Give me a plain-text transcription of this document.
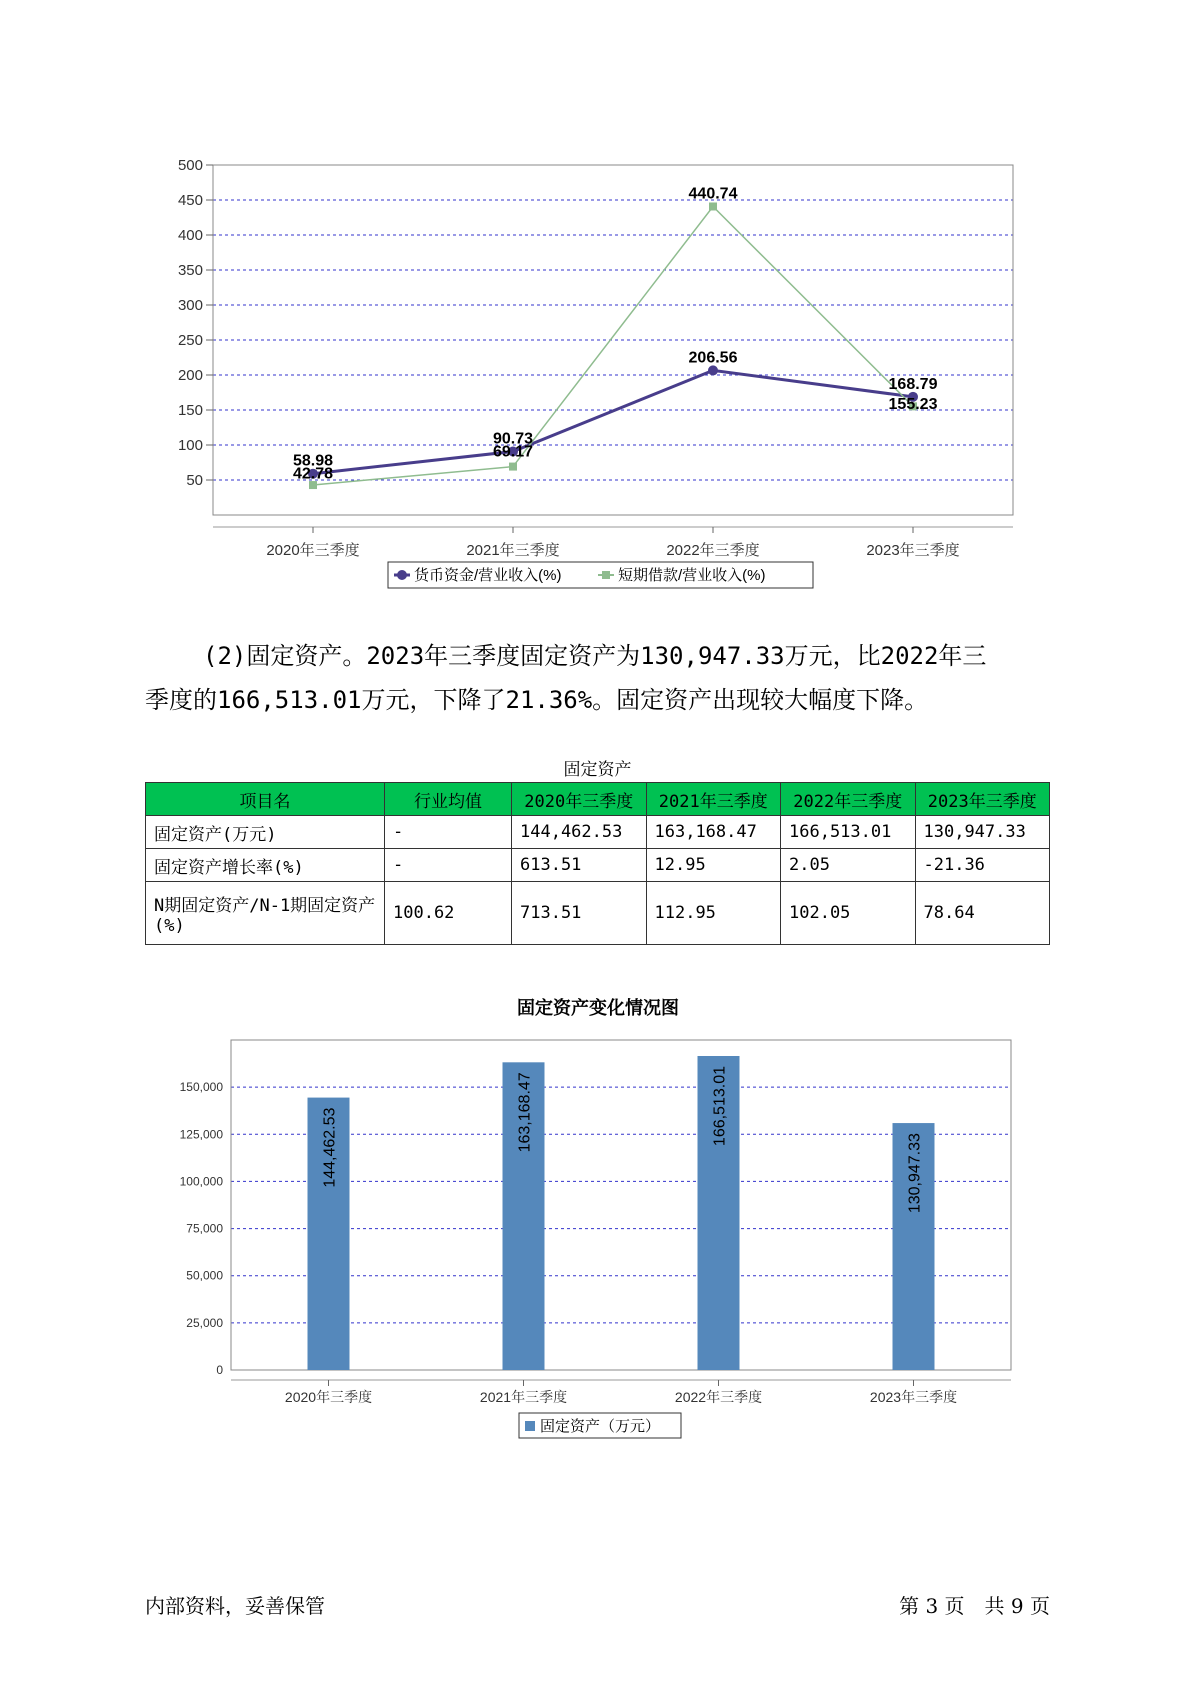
50
100
150
200
250
300
350
400
450
500
2020年三季度	2021年三季度	2022年三季度	2023年三季度
58.98
90.73
206.56
168.79
42.78
69.17
440.74
155.23
货币资金/营业收入(%)	短期借款/营业收入(%)

(2)固定资产。2023年三季度固定资产为130,947.33万元，比2022年三

季度的166,513.01万元，下降了21.36%。固定资产出现较大幅度下降。
固定资产
项目名	行业均值	2020年三季度	2021年三季度	2022年三季度	2023年三季度
固定资产(万元)	-	144,462.53	163,168.47	166,513.01	130,947.33
固定资产增长率(%)	-	613.51	12.95	2.05	-21.36
N期固定资产/N-1期固定资产(%)	100.62	713.51	112.95	102.05	78.64
固定资产变化情况图
0
25,000
50,000
75,000
100,000
125,000
150,000
2020年三季度	2021年三季度	2022年三季度	2023年三季度
144,462.53	163,168.47	166,513.01
130,947.33
固定资产（万元）
内部资料，妥善保管	第 3 页　共 9 页
